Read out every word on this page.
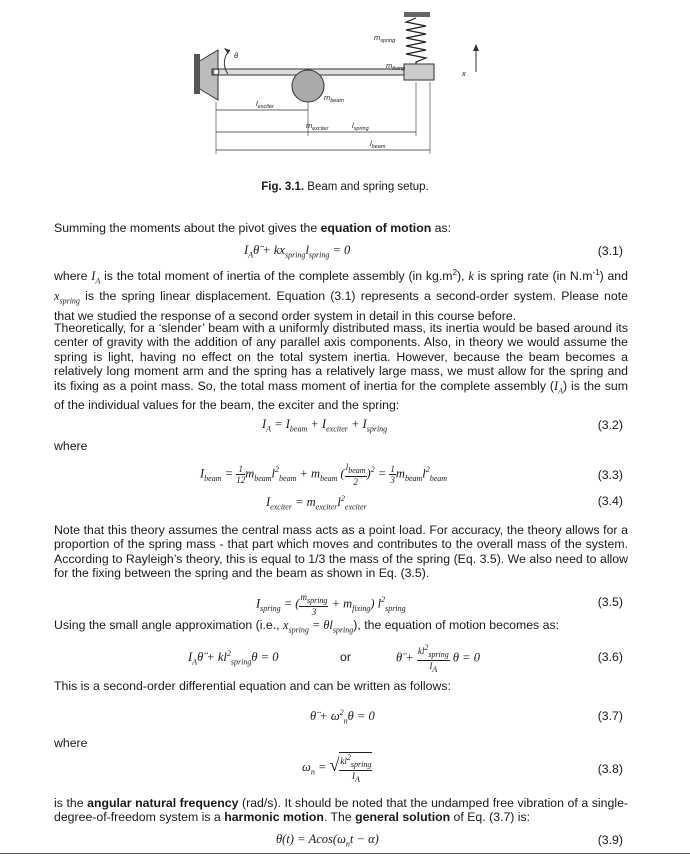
$m_{spring}$
$m_{fixing}$
$m_{beam}$
$m_{exciter}$
$l_{exciter}$
$l_{spring}$
$l_{beam}$
θ
x
Fig. 3.1. Beam and spring setup.
Summing the moments about the pivot gives the equation of motion as:
$I_A\thetä + kx_{spring}l_{spring} = 0$	(3.1)
where $I_A$ is the total moment of inertia of the complete assembly (in $kg.m^2$), k is spring rate (in $N.m^{-1}$) and $x_{spring}$ is the spring linear displacement. Equation (3.1) represents a second-order system. Please note that we studied the response of a second order system in detail in this course before.
Theoretically, for a ‘slender’ beam with a uniformly distributed mass, its inertia would be based around its center of gravity with the addition of any parallel axis components. Also, in theory we would assume the spring is light, having no effect on the total system inertia. However, because the beam becomes a relatively long moment arm and the spring has a relatively large mass, we must allow for the spring and its fixing as a point mass. So, the total mass moment of inertia for the complete assembly $(I_A)$ is the sum of the individual values for the beam, the exciter and the spring:
$I_A = I_{beam} + I_{exciter} + I_{spring}$	(3.2)
where
$I_{beam} = \frac{1}{12} m_{beam}l^2_{beam} + m_{beam}$ ( $\frac{l_{beam}}{2} )^2 = \frac{1}{3} m_{beam}l^2_{beam}$	(3.3)
$I_{exciter} = m_{exciter}l^2_{exciter}$	(3.4)
Note that this theory assumes the central mass acts as a point load. For accuracy, the theory allows for a proportion of the spring mass - that part which moves and contributes to the overall mass of the system. According to Rayleigh’s theory, this is equal to 1/3 the mass of the spring (Eq. 3.5). We also need to allow for the fixing between the spring and the beam as shown in Eq. (3.5).
$I_{spring}$ = ( $\frac{m_{spring}}{3} + m_{fixing}$) $l^2_{spring}$	(3.5)
Using the small angle approximation (i.e., $x_{spring} = \theta l_{spring}$), the equation of motion becomes as:
$I_A\thetä + kl^2_{spring}\theta = 0$	or	θ̈ + $\frac{kl^2_{spring}}{I_A}$ θ = 0	(3.6)
This is a second-order differential equation and can be written as follows:
θ̈ + $\omega^2_n\theta = 0$	(3.7)
where
$\omega_n$ = √ $\frac{kl^2_{spring}}{I_A}$	(3.8)
is the angular natural frequency (rad/s). It should be noted that the undamped free vibration of a single-degree-of-freedom system is a harmonic motion. The general solution of Eq. (3.7) is:
$\theta(t) = Acos(\omega_nt - \alpha)$	(3.9)
